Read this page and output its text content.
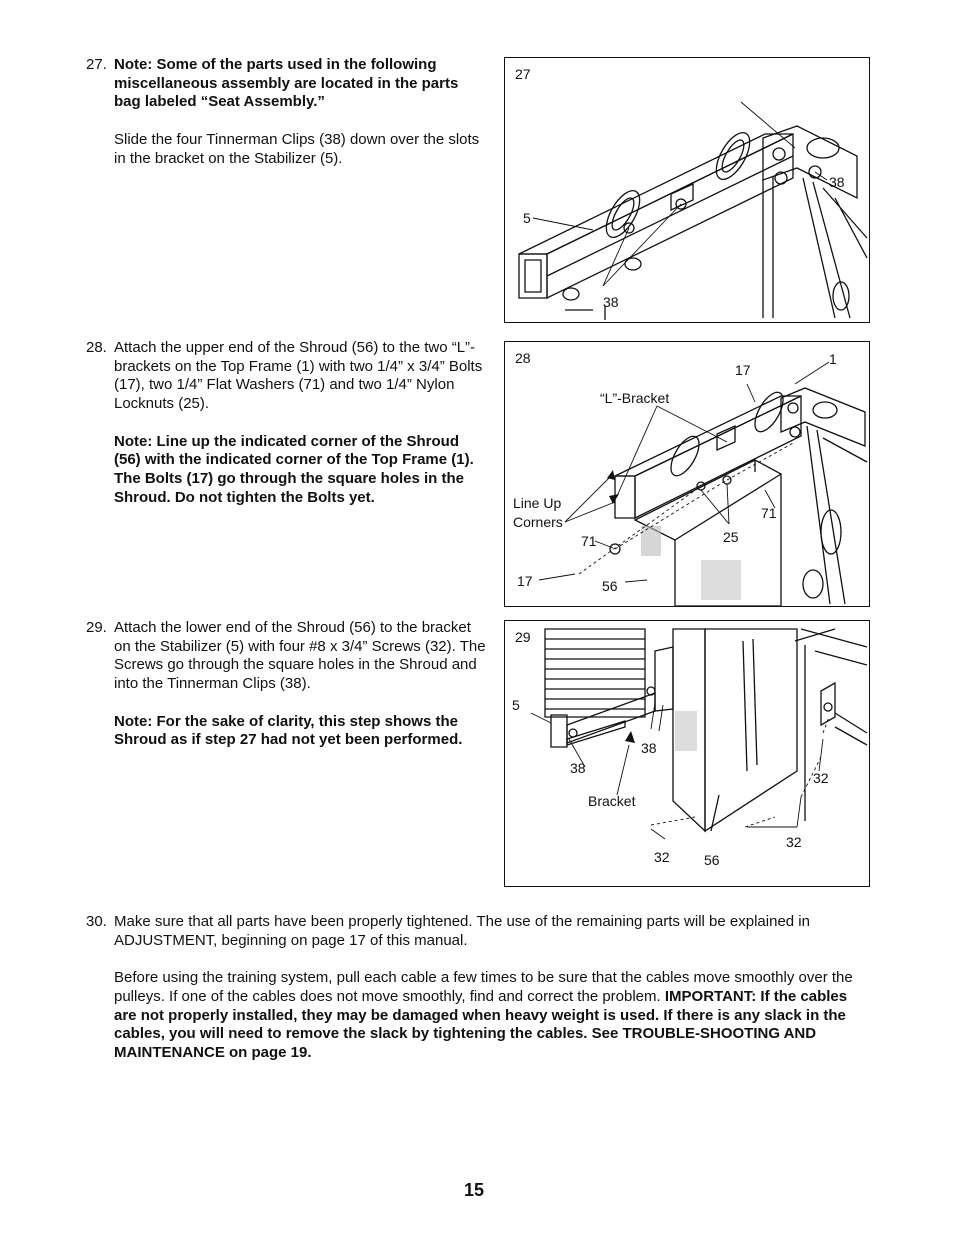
27. Note: Some of the parts used in the following miscellaneous assembly are located in the parts bag labeled “Seat Assembly.”

Slide the four Tinnerman Clips (38) down over the slots in the bracket on the Stabilizer (5).

28. Attach the upper end of the Shroud (56) to the two “L”-brackets on the Top Frame (1) with two 1/4” x 3/4” Bolts (17), two 1/4” Flat Washers (71) and two 1/4” Nylon Locknuts (25).

Note: Line up the indicated corner of the Shroud (56) with the indicated corner of the Top Frame (1). The Bolts (17) go through the square holes in the Shroud. Do not tighten the Bolts yet.

29. Attach the lower end of the Shroud (56) to the bracket on the Stabilizer (5) with four #8 x 3/4” Screws (32). The Screws go through the square holes in the Shroud and into the Tinnerman Clips (38).

Note: For the sake of clarity, this step shows the Shroud as if step 27 had not yet been performed.

30. Make sure that all parts have been properly tightened. The use of the remaining parts will be explained in ADJUSTMENT, beginning on page 17 of this manual.

Before using the training system, pull each cable a few times to be sure that the cables move smoothly over the pulleys. If one of the cables does not move smoothly, find and correct the problem. IMPORTANT: If the cables are not properly installed, they may be damaged when heavy weight is used. If there is any slack in the cables, you will need to remove the slack by tightening the cables. See TROUBLE-SHOOTING AND MAINTENANCE on page 19.

27
5
38
38
28	1
17
“L”-Bracket
Line Up
Corners
71
71
25
17	56
29
5
38
38
Bracket
32 56
32
32
15
